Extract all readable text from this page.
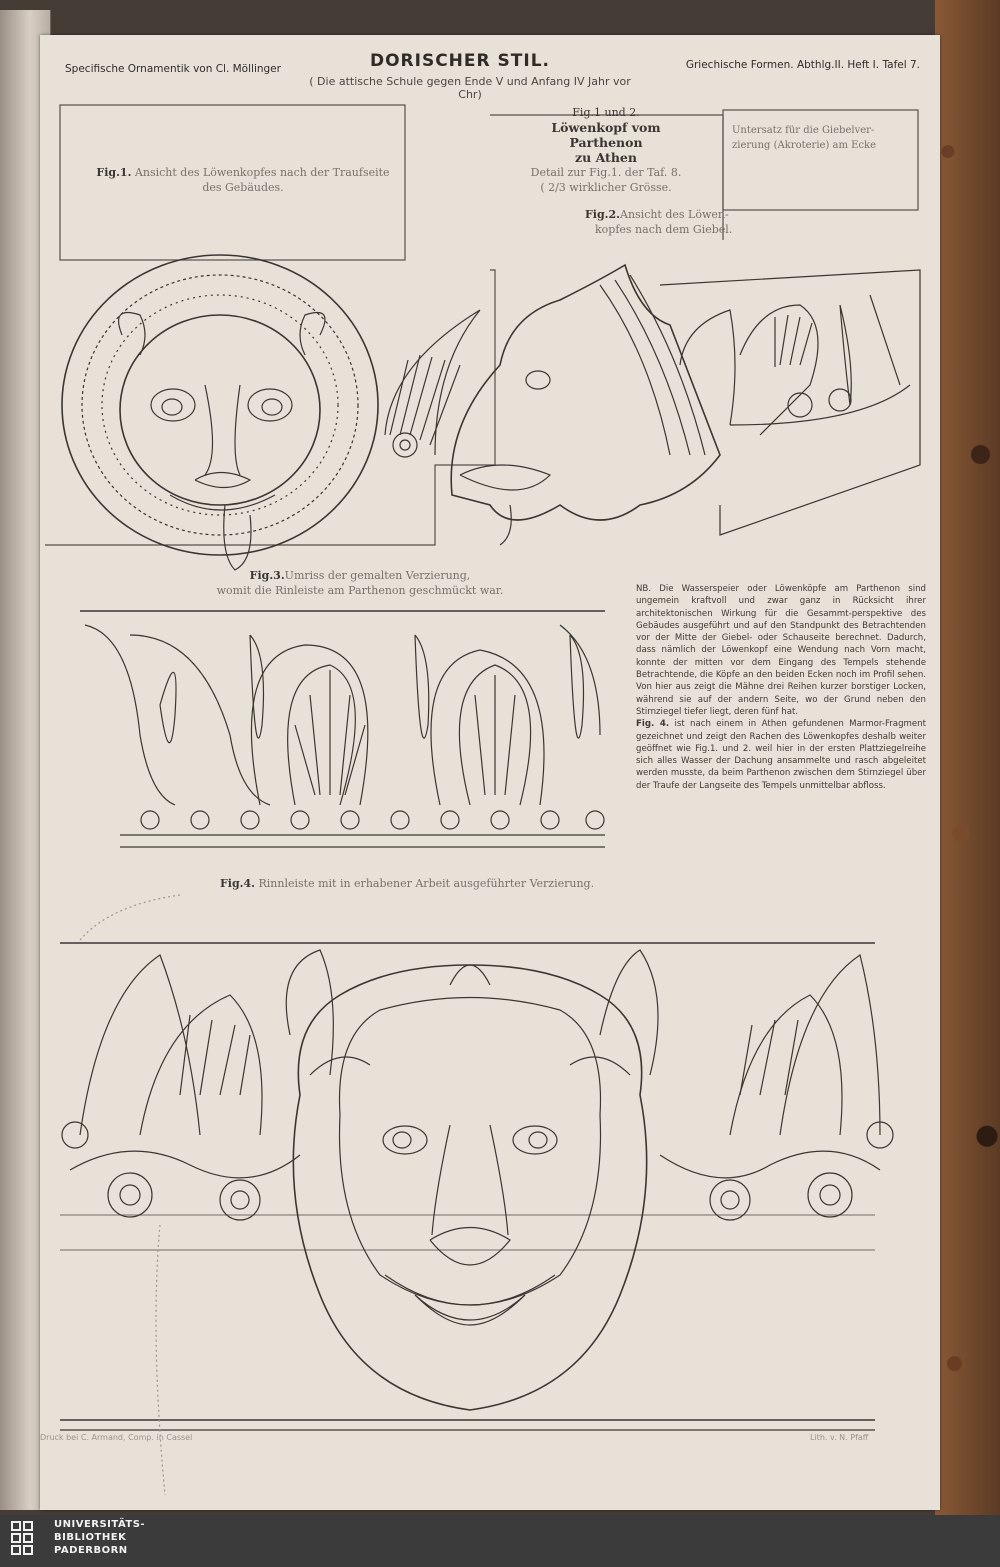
Specifische Ornamentik von Cl. Möllinger	DORISCHER STIL.
( Die attische Schule gegen Ende V und Anfang IV Jahr vor Chr)
Griechische Formen. Abthlg.II. Heft I. Tafel 7.
Fig.1 und 2.
Löwenkopf vom Parthenon
zu Athen
Detail zur Fig.1. der Taf. 8.
( 2/3 wirklicher Grösse.
Fig.1. Ansicht des Löwenkopfes nach der Traufseite
des Gebäudes.
Fig.2.Ansicht des Löwen-
kopfes nach dem Giebel.
Untersatz für die Giebelver-
zierung (Akroterie) am Ecke
Fig.3.Umriss der gemalten Verzierung,
womit die Rinleiste am Parthenon geschmückt war.
Fig.4. Rinnleiste mit in erhabener Arbeit ausgeführter Verzierung.
NB. Die Wasserspeier oder Löwenköpfe am Parthenon sind ungemein kraftvoll und zwar ganz in Rücksicht ihrer architektonischen Wirkung für die Gesammt-perspektive des Gebäudes ausgeführt und auf den Standpunkt des Betrachtenden vor der Mitte der Giebel- oder Schauseite berechnet. Dadurch, dass nämlich der Löwenkopf eine Wendung nach Vorn macht, konnte der mitten vor dem Eingang des Tempels stehende Betrachtende, die Köpfe an den beiden Ecken noch im Profil sehen. Von hier aus zeigt die Mähne drei Reihen kurzer borstiger Locken, während sie auf der andern Seite, wo der Grund neben den Stirnziegel tiefer liegt, deren fünf hat.
Fig. 4. ist nach einem in Athen gefundenen Marmor-Fragment gezeichnet und zeigt den Rachen des Löwenkopfes deshalb weiter geöffnet wie Fig.1. und 2. weil hier in der ersten Plattziegelreihe sich alles Wasser der Dachung ansammelte und rasch abgeleitet werden musste, da beim Parthenon zwischen dem Stirnziegel über der Traufe der Langseite des Tempels unmittelbar abfloss.
Druck bei C. Armand, Comp. in Cassel	Lith. v. N. Pfaff
UNIVERSITÄTS-
BIBLIOTHEK
PADERBORN
